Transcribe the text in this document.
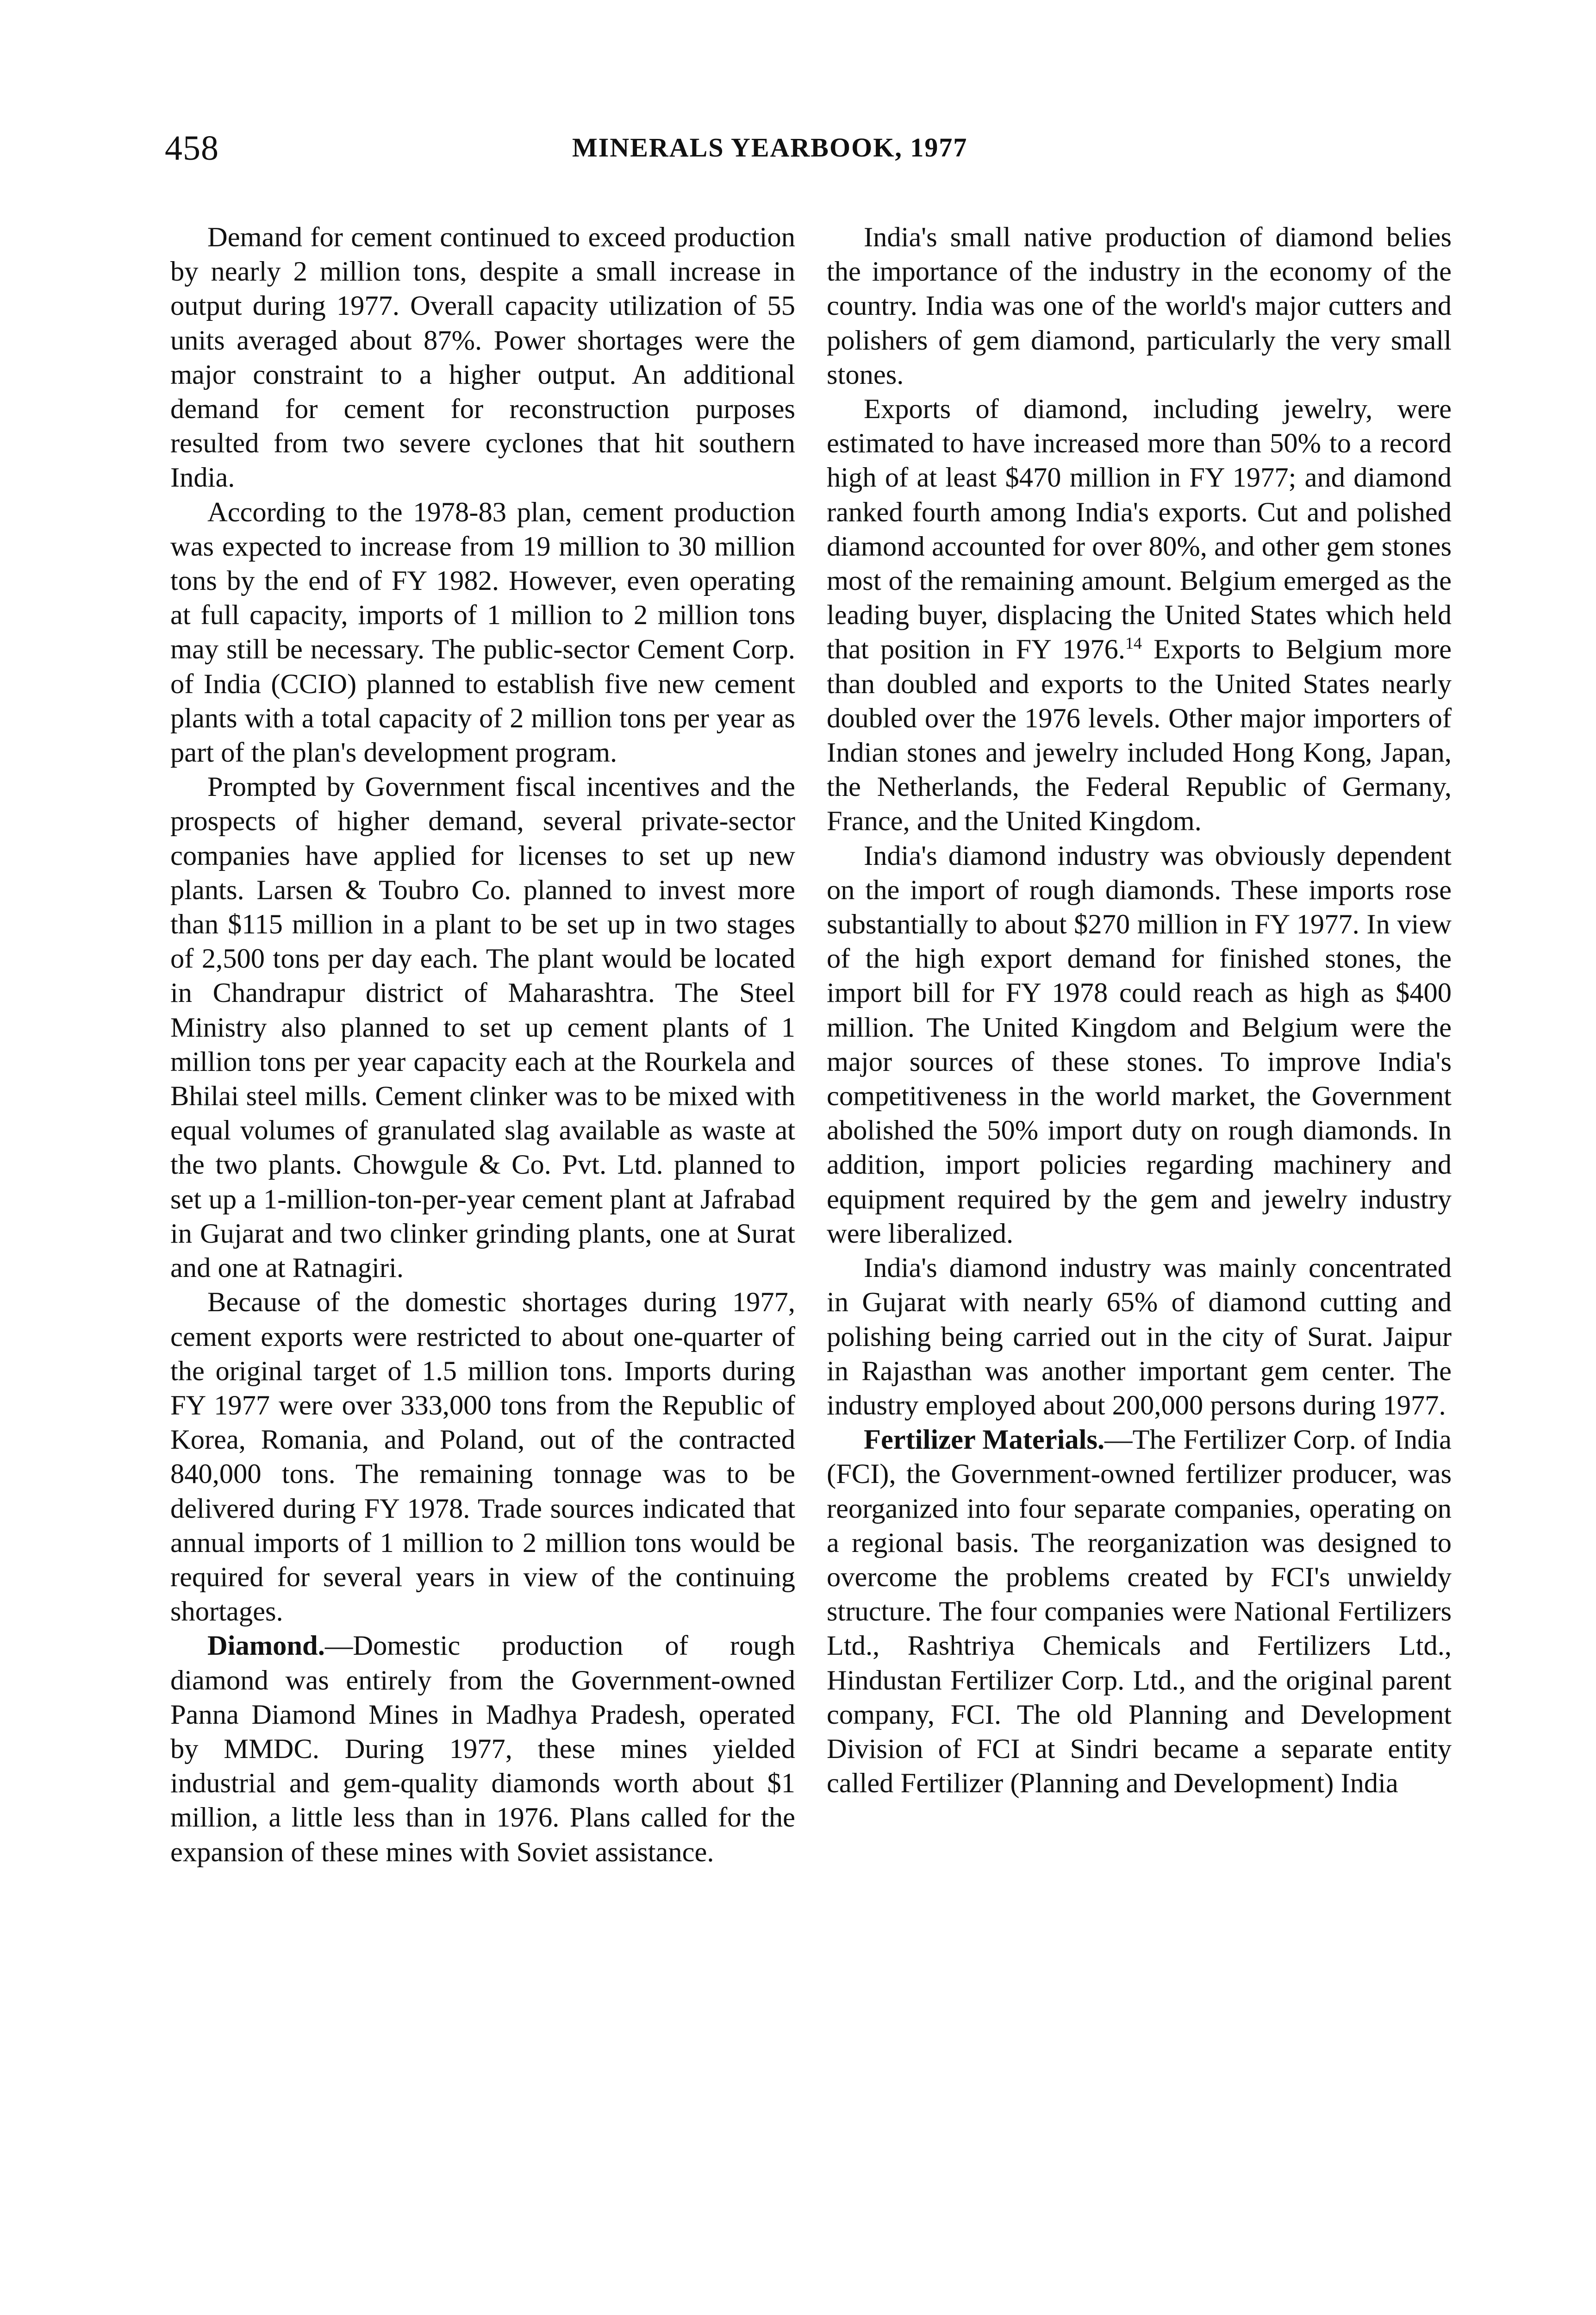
458	MINERALS YEARBOOK, 1977

Demand for cement continued to exceed production by nearly 2 million tons, despite a small increase in output during 1977. Overall capacity utilization of 55 units averaged about 87%. Power shortages were the major constraint to a higher output. An additional demand for cement for reconstruction purposes resulted from two severe cyclones that hit southern India.

According to the 1978-83 plan, cement production was expected to increase from 19 million to 30 million tons by the end of FY 1982. However, even operating at full capacity, imports of 1 million to 2 million tons may still be necessary. The public-sector Cement Corp. of India (CCIO) planned to establish five new cement plants with a total capacity of 2 million tons per year as part of the plan's development program.

Prompted by Government fiscal incentives and the prospects of higher demand, several private-sector companies have applied for licenses to set up new plants. Larsen & Toubro Co. planned to invest more than $115 million in a plant to be set up in two stages of 2,500 tons per day each. The plant would be located in Chandrapur district of Maharashtra. The Steel Ministry also planned to set up cement plants of 1 million tons per year capacity each at the Rourkela and Bhilai steel mills. Cement clinker was to be mixed with equal volumes of granulated slag available as waste at the two plants. Chowgule & Co. Pvt. Ltd. planned to set up a 1-million-ton-per-year cement plant at Jafrabad in Gujarat and two clinker grinding plants, one at Surat and one at Ratnagiri.

Because of the domestic shortages during 1977, cement exports were restricted to about one-quarter of the original target of 1.5 million tons. Imports during FY 1977 were over 333,000 tons from the Republic of Korea, Romania, and Poland, out of the contracted 840,000 tons. The remaining tonnage was to be delivered during FY 1978. Trade sources indicated that annual imports of 1 million to 2 million tons would be required for several years in view of the continuing shortages.

Diamond.—Domestic production of rough diamond was entirely from the Government-owned Panna Diamond Mines in Madhya Pradesh, operated by MMDC. During 1977, these mines yielded industrial and gem-quality diamonds worth about $1 million, a little less than in 1976. Plans called for the expansion of these mines with Soviet assistance.

India's small native production of diamond belies the importance of the industry in the economy of the country. India was one of the world's major cutters and polishers of gem diamond, particularly the very small stones.

Exports of diamond, including jewelry, were estimated to have increased more than 50% to a record high of at least $470 million in FY 1977; and diamond ranked fourth among India's exports. Cut and polished diamond accounted for over 80%, and other gem stones most of the remaining amount. Belgium emerged as the leading buyer, displacing the United States which held that position in FY 1976.14 Exports to Belgium more than doubled and exports to the United States nearly doubled over the 1976 levels. Other major importers of Indian stones and jewelry included Hong Kong, Japan, the Netherlands, the Federal Republic of Germany, France, and the United Kingdom.

India's diamond industry was obviously dependent on the import of rough diamonds. These imports rose substantially to about $270 million in FY 1977. In view of the high export demand for finished stones, the import bill for FY 1978 could reach as high as $400 million. The United Kingdom and Belgium were the major sources of these stones. To improve India's competitiveness in the world market, the Government abolished the 50% import duty on rough diamonds. In addition, import policies regarding machinery and equipment required by the gem and jewelry industry were liberalized.

India's diamond industry was mainly concentrated in Gujarat with nearly 65% of diamond cutting and polishing being carried out in the city of Surat. Jaipur in Rajasthan was another important gem center. The industry employed about 200,000 persons during 1977.

Fertilizer Materials.—The Fertilizer Corp. of India (FCI), the Government-owned fertilizer producer, was reorganized into four separate companies, operating on a regional basis. The reorganization was designed to overcome the problems created by FCI's unwieldy structure. The four companies were National Fertilizers Ltd., Rashtriya Chemicals and Fertilizers Ltd., Hindustan Fertilizer Corp. Ltd., and the original parent company, FCI. The old Planning and Development Division of FCI at Sindri became a separate entity called Fertilizer (Planning and Development) India
